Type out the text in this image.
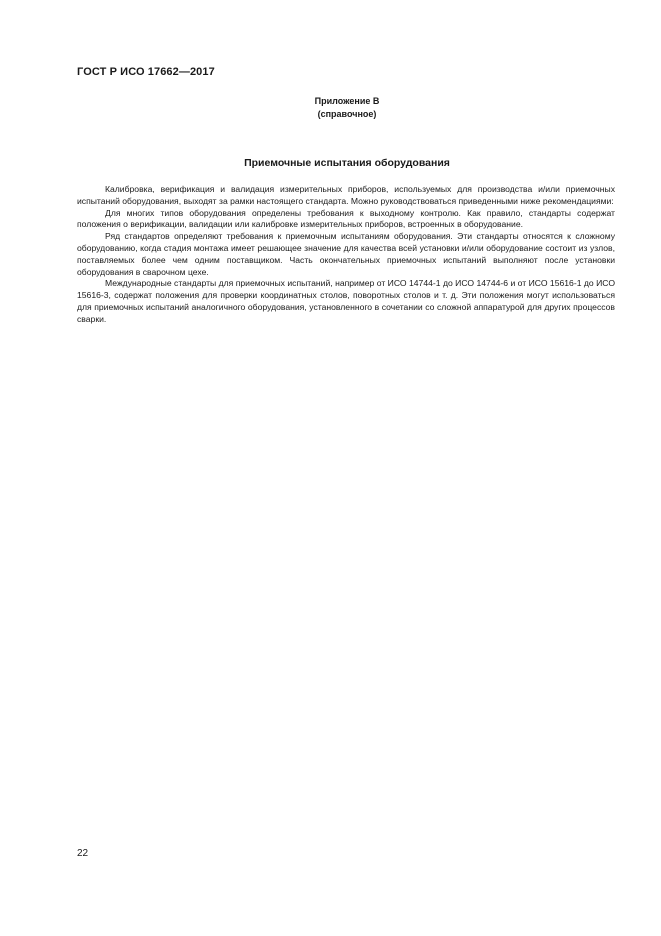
ГОСТ Р ИСО 17662—2017
Приложение В
(справочное)
Приемочные испытания оборудования

Калибровка, верификация и валидация измерительных приборов, используемых для производства и/или приемочных испытаний оборудования, выходят за рамки настоящего стандарта. Можно руководствоваться приведенными ниже рекомендациями:

Для многих типов оборудования определены требования к выходному контролю. Как правило, стандарты содержат положения о верификации, валидации или калибровке измерительных приборов, встроенных в оборудование.

Ряд стандартов определяют требования к приемочным испытаниям оборудования. Эти стандарты относятся к сложному оборудованию, когда стадия монтажа имеет решающее значение для качества всей установки и/или оборудование состоит из узлов, поставляемых более чем одним поставщиком. Часть окончательных приемочных испытаний выполняют после установки оборудования в сварочном цехе.

Международные стандарты для приемочных испытаний, например от ИСО 14744-1 до ИСО 14744-6 и от ИСО 15616-1 до ИСО 15616-3, содержат положения для проверки координатных столов, поворотных столов и т. д. Эти положения могут использоваться для приемочных испытаний аналогичного оборудования, установленного в сочетании со сложной аппаратурой для других процессов сварки.

22
